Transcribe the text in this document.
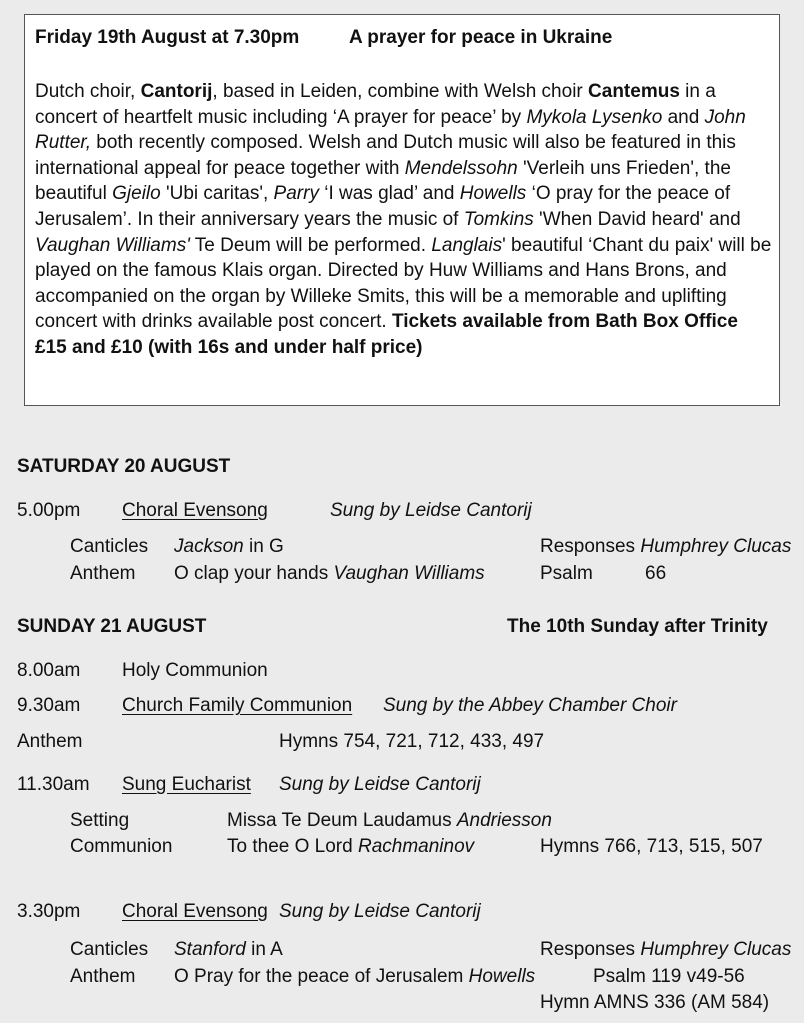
Friday 19th August at 7.30pm	A prayer for peace in Ukraine
Dutch choir, Cantorij, based in Leiden, combine with Welsh choir Cantemus in a concert of heartfelt music including ‘A prayer for peace’ by Mykola Lysenko and John Rutter, both recently composed. Welsh and Dutch music will also be featured in this international appeal for peace together with Mendelssohn 'Verleih uns Frieden', the beautiful Gjeilo 'Ubi caritas', Parry ‘I was glad’ and Howells ‘O pray for the peace of Jerusalem’. In their anniversary years the music of Tomkins 'When David heard' and Vaughan Williams' Te Deum will be performed. Langlais' beautiful ‘Chant du paix' will be played on the famous Klais organ. Directed by Huw Williams and Hans Brons, and accompanied on the organ by Willeke Smits, this will be a memorable and uplifting concert with drinks available post concert. Tickets available from Bath Box Office £15 and £10 (with 16s and under half price)
SATURDAY 20 AUGUST
5.00pm Choral Evensong	Sung by Leidse Cantorij
Canticles Jackson in G	Responses Humphrey Clucas
Anthem O clap your hands Vaughan Williams	Psalm	66
SUNDAY 21 AUGUST	The 10th Sunday after Trinity
8.00am Holy Communion
9.30am Church Family Communion Sung by the Abbey Chamber Choir
Anthem	Hymns 754, 721, 712, 433, 497
11.30am Sung Eucharist Sung by Leidse Cantorij
Setting	Missa Te Deum Laudamus Andriesson
Communion	To thee O Lord Rachmaninov	Hymns 766, 713, 515, 507
3.30pm Choral Evensong Sung by Leidse Cantorij
Canticles Stanford in A	Responses Humphrey Clucas
Anthem O Pray for the peace of Jerusalem Howells	Psalm 119 v49-56
Hymn AMNS 336 (AM 584)
